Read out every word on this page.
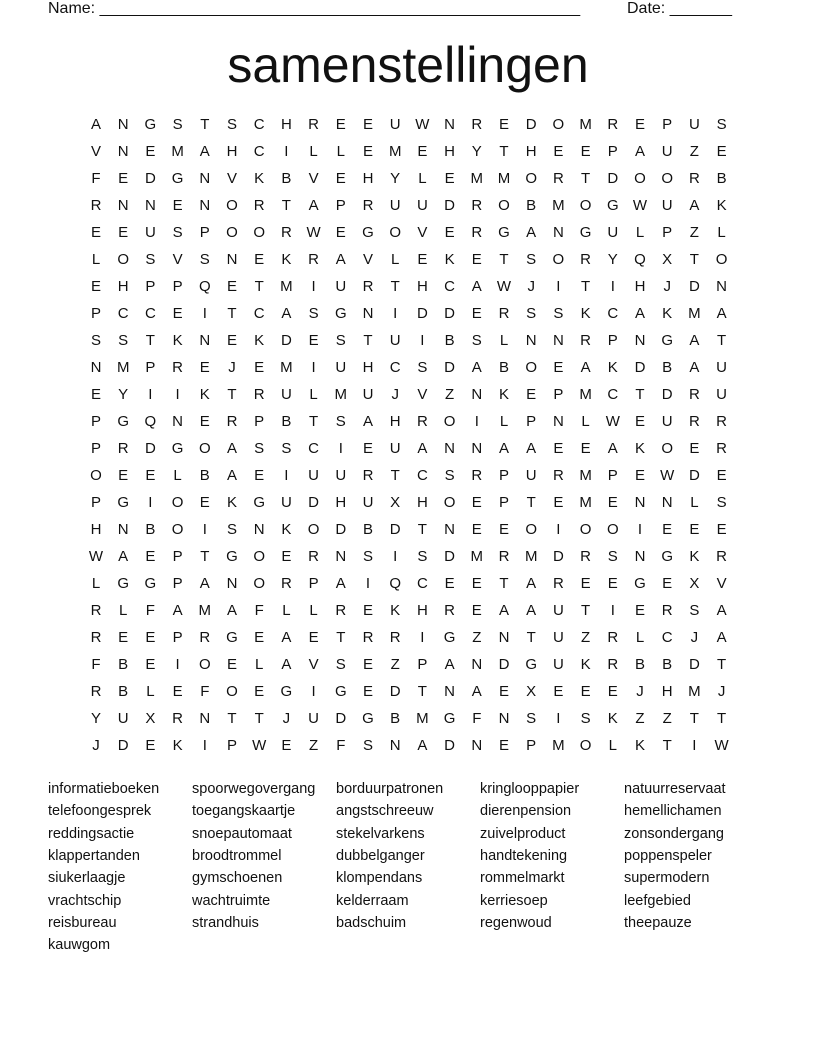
Name: ______________________________________________________	Date: _______
samenstellingen
A	N	G	S	T	S	C	H	R	E	E	U W N	R	E	D	O	M	R	E	P	U	S
V	N	E	M	A	H	C	I	L	L	E	M	E	H	Y	T	H	E	E	P	A	U	Z	E
F	E	D	G	N	V	K	B	V	E	H	Y	L	E	M M	O	R	T	D	O	O	R	B
R	N	N	E	N	O	R	T	A	P	R	U	U	D	R	O	B	M	O	G W U	A	K
E	E	U	S	P	O	O	R W	E	G	O	V	E	R	G	A	N	G	U	L	P	Z	L
L	O	S	V	S	N	E	K	R	A	V	L	E	K	E	T	S	O	R	Y	Q	X	T	O
E	H	P	P	Q	E	T	M	I	U	R	T	H	C	A	W	J	I	T	I	H	J	D	N
P	C	C	E	I	T	C	A	S	G	N	I	D	D	E	R	S	S	K	C	A	K	M	A
S	S	T	K	N	E	K	D	E	S	T	U	I	B	S	L	N	N	R	P	N	G	A	T
N	M	P	R	E	J	E	M	I	U	H	C	S	D	A	B	O	E	A	K	D	B	A	U
E	Y	I	I	K	T	R	U	L	M	U	J	V	Z	N	K	E	P	M	C	T	D	R	U
P	G	Q	N	E	R	P	B	T	S	A	H	R	O	I	L	P	N	L	W	E	U	R	R
P	R	D	G	O	A	S	S	C	I	E	U	A	N	N	A	A	E	E	A	K	O	E	R
O	E	E	L	B	A	E	I	U	U	R	T	C	S	R	P	U	R	M	P	E	W D	E
P	G	I	O	E	K	G	U	D	H	U	X	H	O	E	P	T	E	M	E	N	N	L	S
H	N	B	O	I	S	N	K	O	D	B	D	T	N	E	E	O	I	O	O	I	E	E	E
W	A	E	P	T	G	O	E	R	N	S	I	S	D	M	R	M	D	R	S	N	G	K	R
L	G	G	P	A	N	O	R	P	A	I	Q	C	E	E	T	A	R	E	E	G	E	X	V
R	L	F	A	M	A	F	L	L	R	E	K	H	R	E	A	A	U	T	I	E	R	S	A
R	E	E	P	R	G	E	A	E	T	R	R	I	G	Z	N	T	U	Z	R	L	C	J	A
F	B	E	I	O	E	L	A	V	S	E	Z	P	A	N	D	G	U	K	R	B	B	D	T
R	B	L	E	F	O	E	G	I	G	E	D	T	N	A	E	X	E	E	E	J	H	M	J
Y	U	X	R	N	T	T	J	U	D	G	B	M	G	F	N	S	I	S	K	Z	Z	T	T
J	D	E	K	I	P	W	E	Z	F	S	N	A	D	N	E	P	M	O	L	K	T	I	W
informatieboeken
telefoongesprek
reddingsactie
klappertanden
siukerlaagje
vrachtschip
reisbureau
kauwgom
spoorwegovergang
toegangskaartje
snoepautomaat
broodtrommel
gymschoenen
wachtruimte
strandhuis
borduurpatronen
angstschreeuw
stekelvarkens
dubbelganger
klompendans
kelderraam
badschuim
kringlooppapier
dierenpension
zuivelproduct
handtekening
rommelmarkt
kerriesoep
regenwoud
natuurreservaat
hemellichamen
zonsondergang
poppenspeler
supermodern
leefgebied
theepauze
